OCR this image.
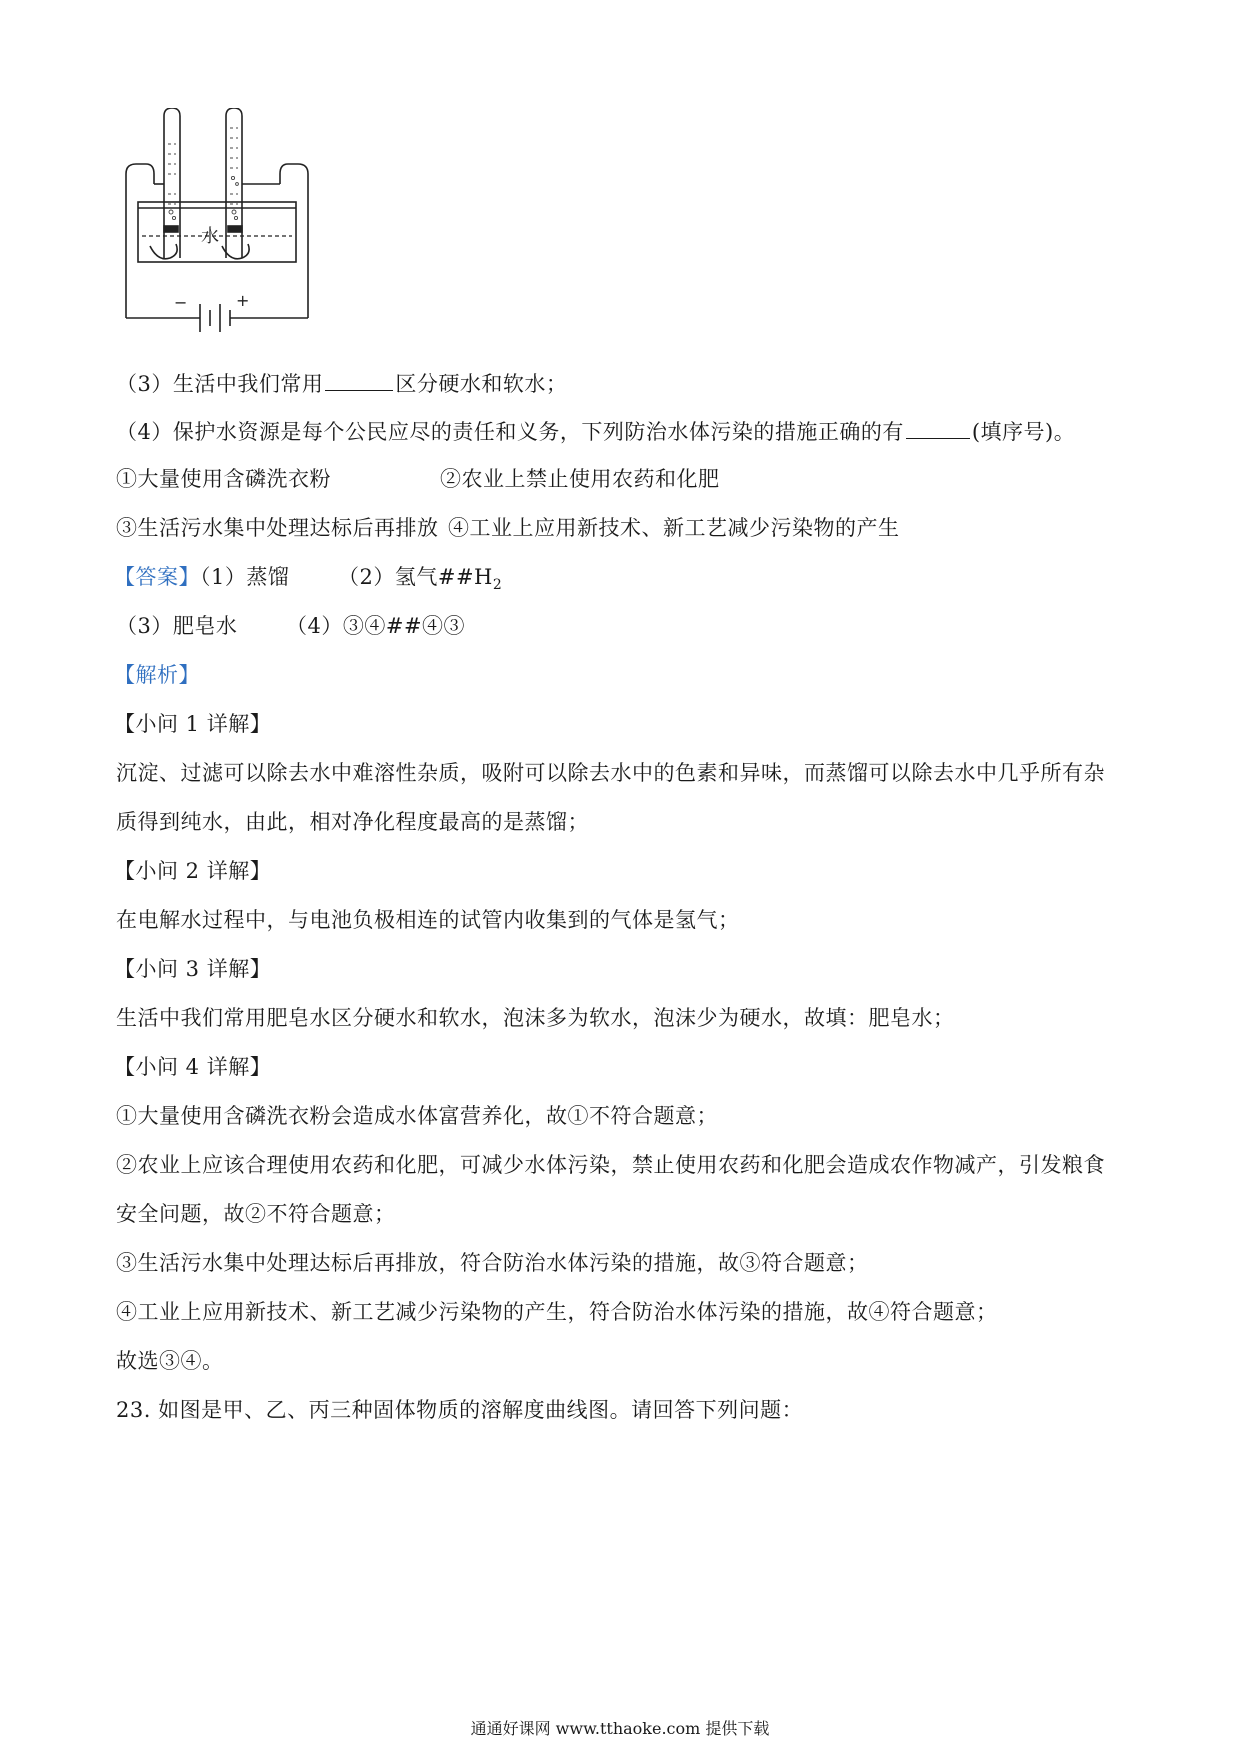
水
−	+
（3）生活中我们常用	区分硬水和软水；
（4）保护水资源是每个公民应尽的责任和义务，下列防治水体污染的措施正确的有	(填序号)。
①大量使用含磷洗衣粉	②农业上禁止使用农药和化肥
③生活污水集中处理达标后再排放 ④工业上应用新技术、新工艺减少污染物的产生
【答案】（1）蒸馏 （2）氢气$\#\#H_2$
（3）肥皂水 （4）③④##④③
【解析】
【小问 1 详解】
沉淀、过滤可以除去水中难溶性杂质，吸附可以除去水中的色素和异味，而蒸馏可以除去水中几乎所有杂
质得到纯水，由此，相对净化程度最高的是蒸馏；
【小问 2 详解】
在电解水过程中，与电池负极相连的试管内收集到的气体是氢气；
【小问 3 详解】
生活中我们常用肥皂水区分硬水和软水，泡沫多为软水，泡沫少为硬水，故填：肥皂水；
【小问 4 详解】
①大量使用含磷洗衣粉会造成水体富营养化，故①不符合题意；
②农业上应该合理使用农药和化肥，可减少水体污染，禁止使用农药和化肥会造成农作物减产，引发粮食
安全问题，故②不符合题意；
③生活污水集中处理达标后再排放，符合防治水体污染的措施，故③符合题意；
④工业上应用新技术、新工艺减少污染物的产生，符合防治水体污染的措施，故④符合题意；
故选③④。
23. 如图是甲、乙、丙三种固体物质的溶解度曲线图。请回答下列问题：
通通好课网 www.tthaoke.com 提供下载
